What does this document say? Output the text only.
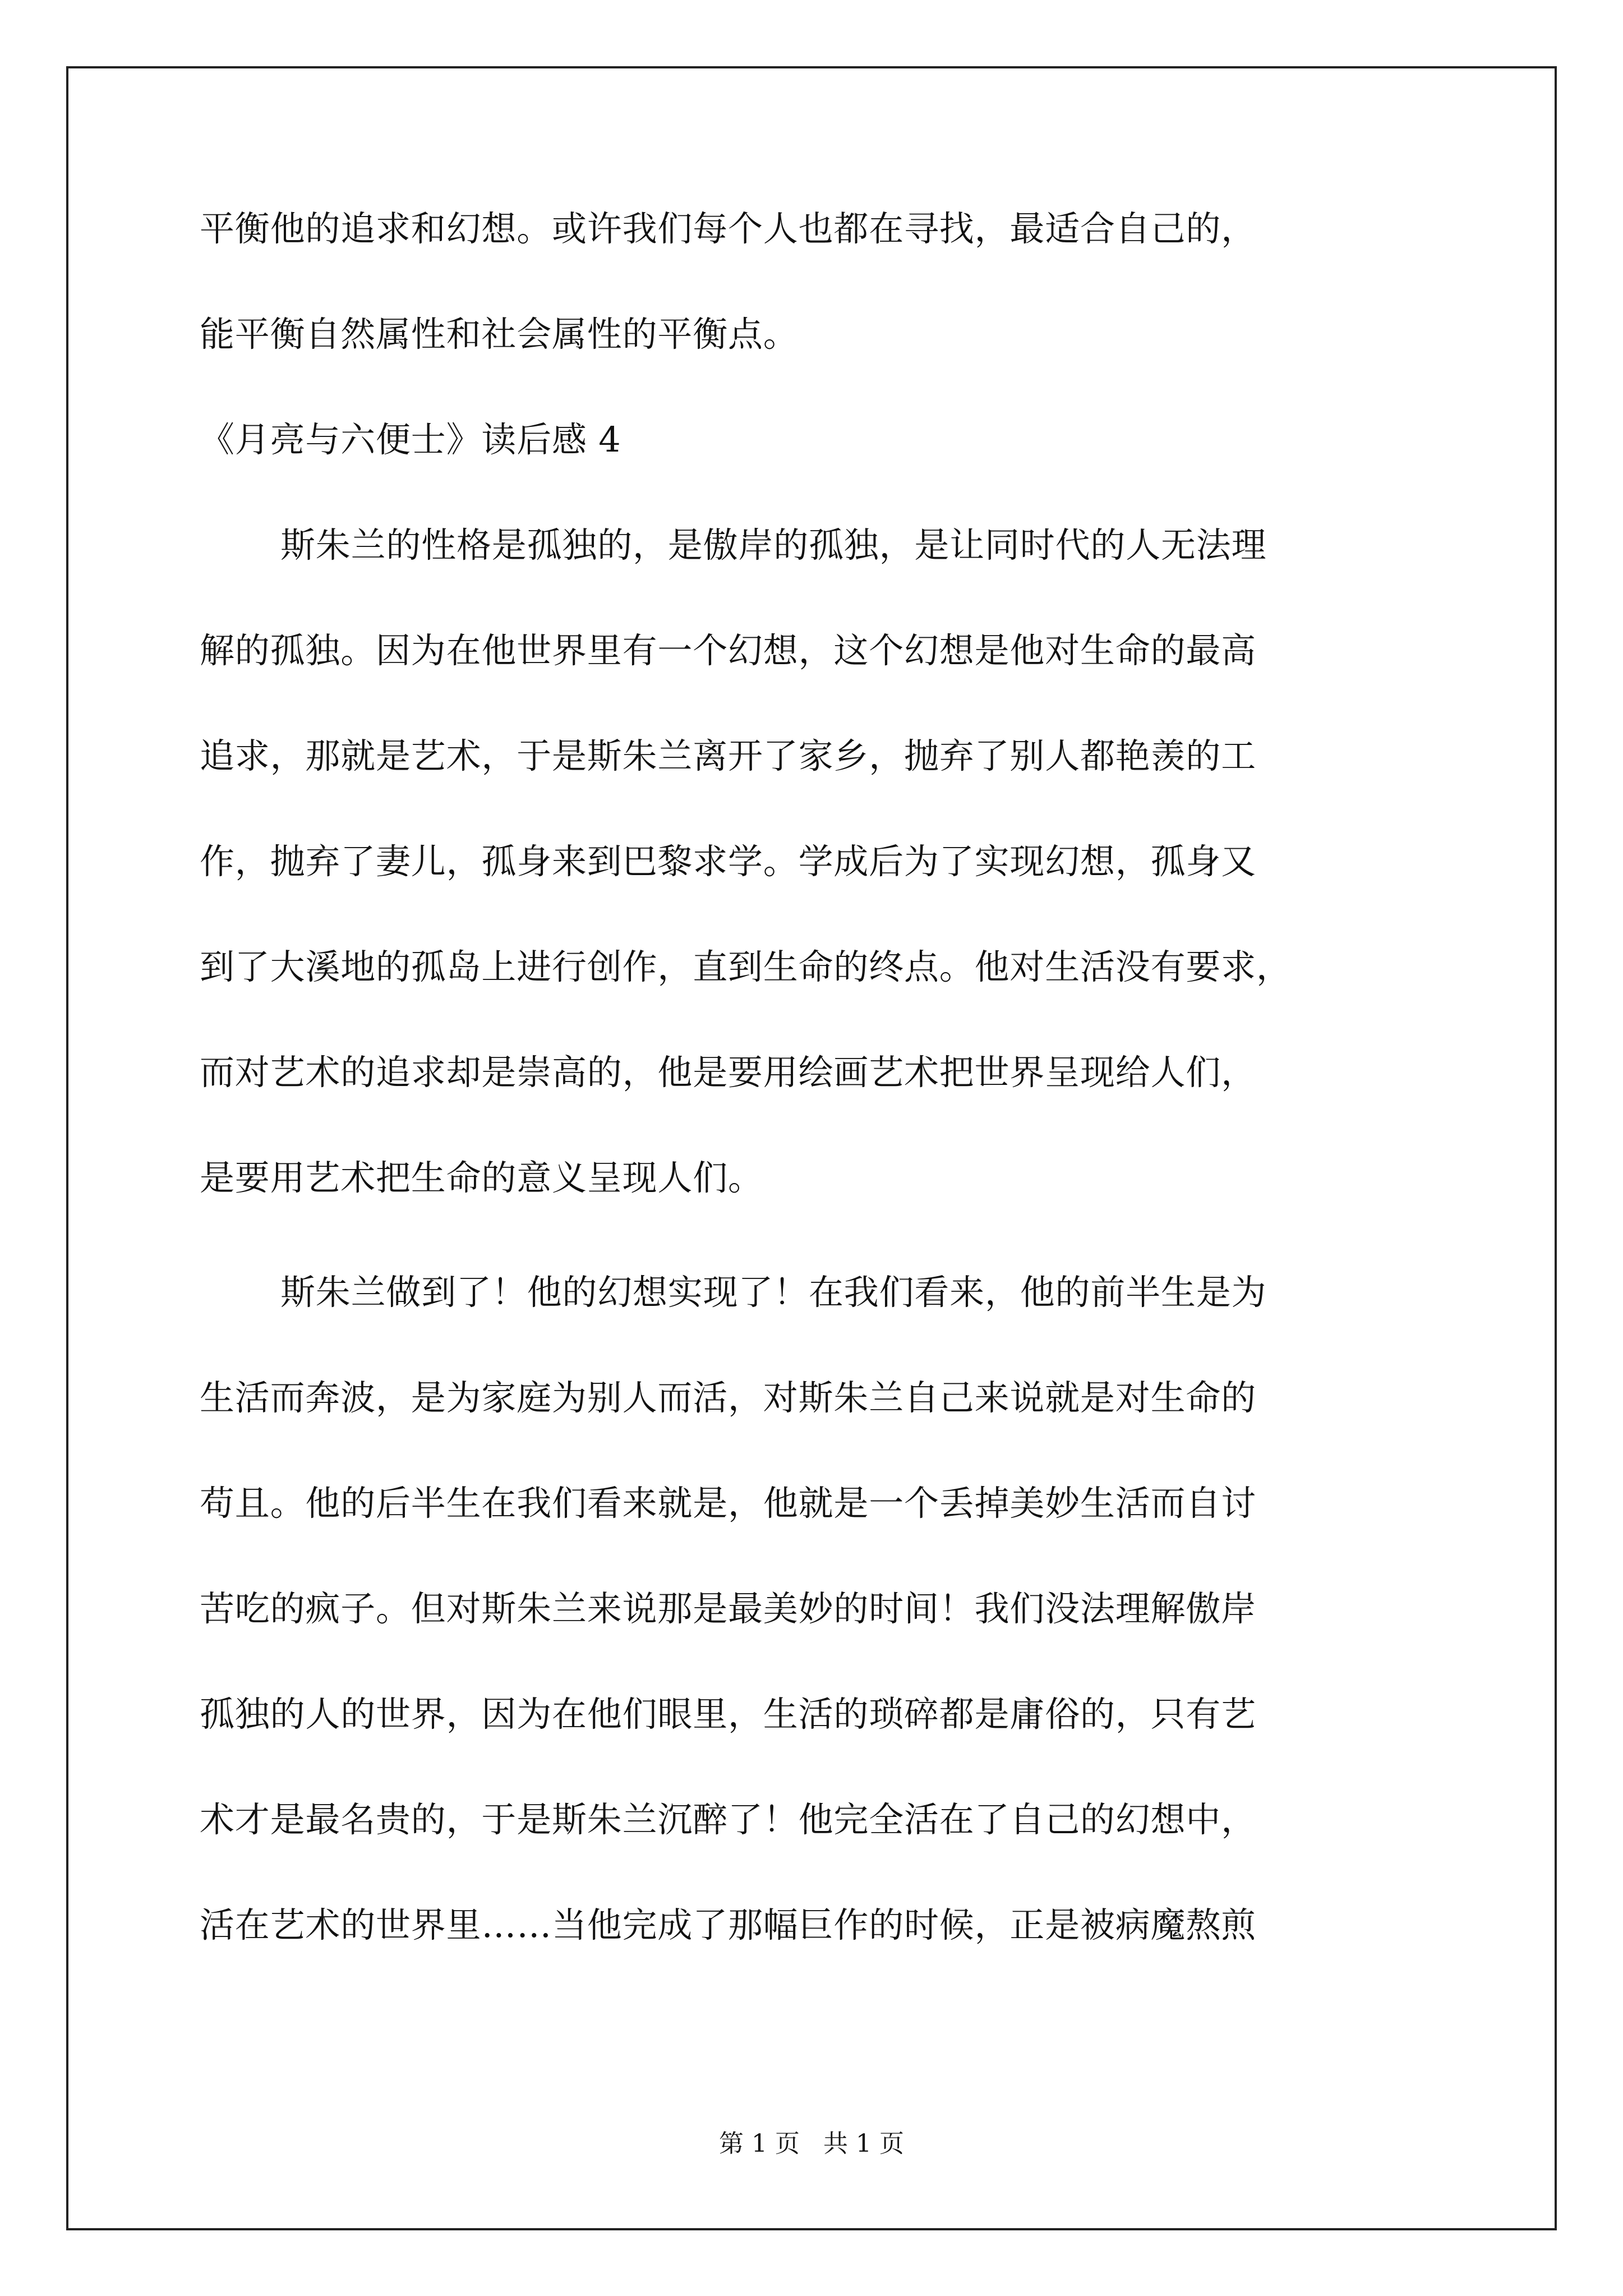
平衡他的追求和幻想。或许我们每个人也都在寻找，最适合自己的，
能平衡自然属性和社会属性的平衡点。
《月亮与六便士》读后感 4
斯朱兰的性格是孤独的，是傲岸的孤独，是让同时代的人无法理
解的孤独。因为在他世界里有一个幻想，这个幻想是他对生命的最高
追求，那就是艺术，于是斯朱兰离开了家乡，抛弃了别人都艳羡的工
作，抛弃了妻儿，孤身来到巴黎求学。学成后为了实现幻想，孤身又
到了大溪地的孤岛上进行创作，直到生命的终点。他对生活没有要求，
而对艺术的追求却是崇高的，他是要用绘画艺术把世界呈现给人们，
是要用艺术把生命的意义呈现人们。
斯朱兰做到了！他的幻想实现了！在我们看来，他的前半生是为
生活而奔波，是为家庭为别人而活，对斯朱兰自己来说就是对生命的
苟且。他的后半生在我们看来就是，他就是一个丢掉美妙生活而自讨
苦吃的疯子。但对斯朱兰来说那是最美妙的时间！我们没法理解傲岸
孤独的人的世界，因为在他们眼里，生活的琐碎都是庸俗的，只有艺
术才是最名贵的，于是斯朱兰沉醉了！他完全活在了自己的幻想中，
活在艺术的世界里……当他完成了那幅巨作的时候，正是被病魔熬煎
第 1 页   共 1 页
